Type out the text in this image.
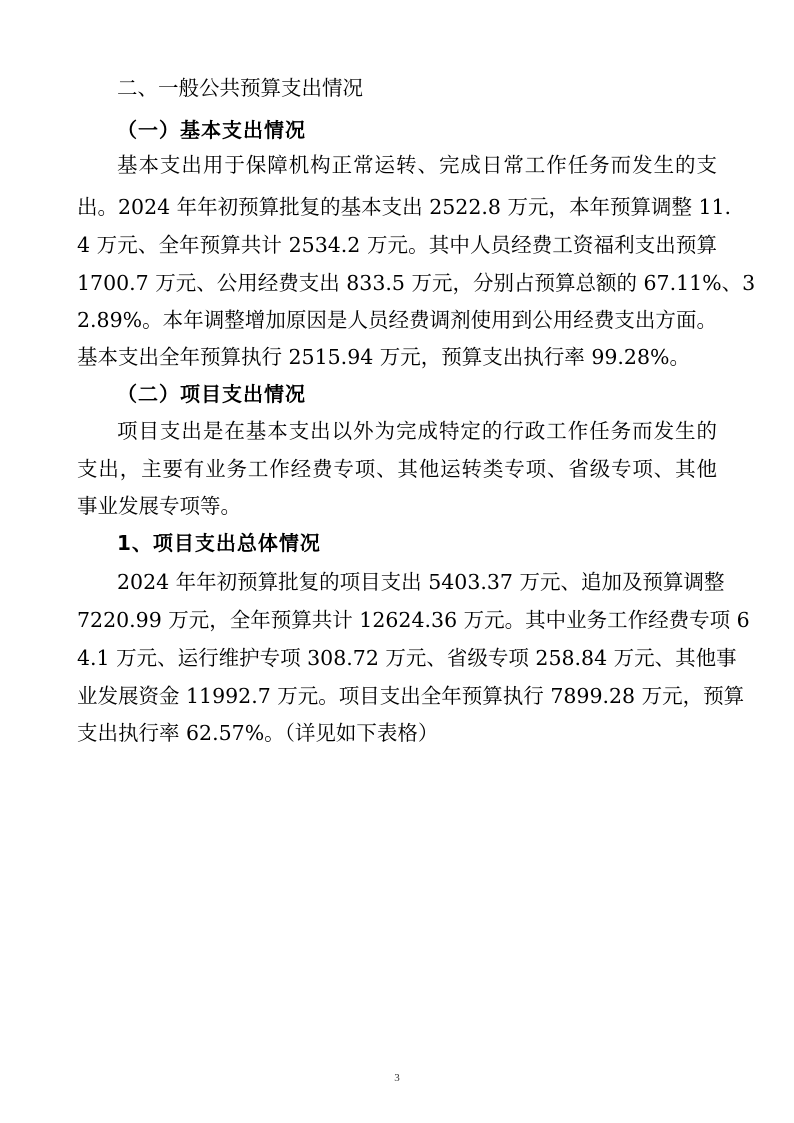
二、一般公共预算支出情况
（一）基本支出情况
基本支出用于保障机构正常运转、完成日常工作任务而发生的支
出。2024 年年初预算批复的基本支出 2522.8 万元，本年预算调整 11.
4 万元、全年预算共计 2534.2 万元。其中人员经费工资福利支出预算
1700.7 万元、公用经费支出 833.5 万元，分别占预算总额的 67.11%、3
2.89%。本年调整增加原因是人员经费调剂使用到公用经费支出方面。
基本支出全年预算执行 2515.94 万元，预算支出执行率 99.28%。
（二）项目支出情况
项目支出是在基本支出以外为完成特定的行政工作任务而发生的
支出，主要有业务工作经费专项、其他运转类专项、省级专项、其他
事业发展专项等。
1、项目支出总体情况
2024 年年初预算批复的项目支出 5403.37 万元、追加及预算调整
7220.99 万元，全年预算共计 12624.36 万元。其中业务工作经费专项 6
4.1 万元、运行维护专项 308.72 万元、省级专项 258.84 万元、其他事
业发展资金 11992.7 万元。项目支出全年预算执行 7899.28 万元，预算
支出执行率 62.57%。（详见如下表格）
3
